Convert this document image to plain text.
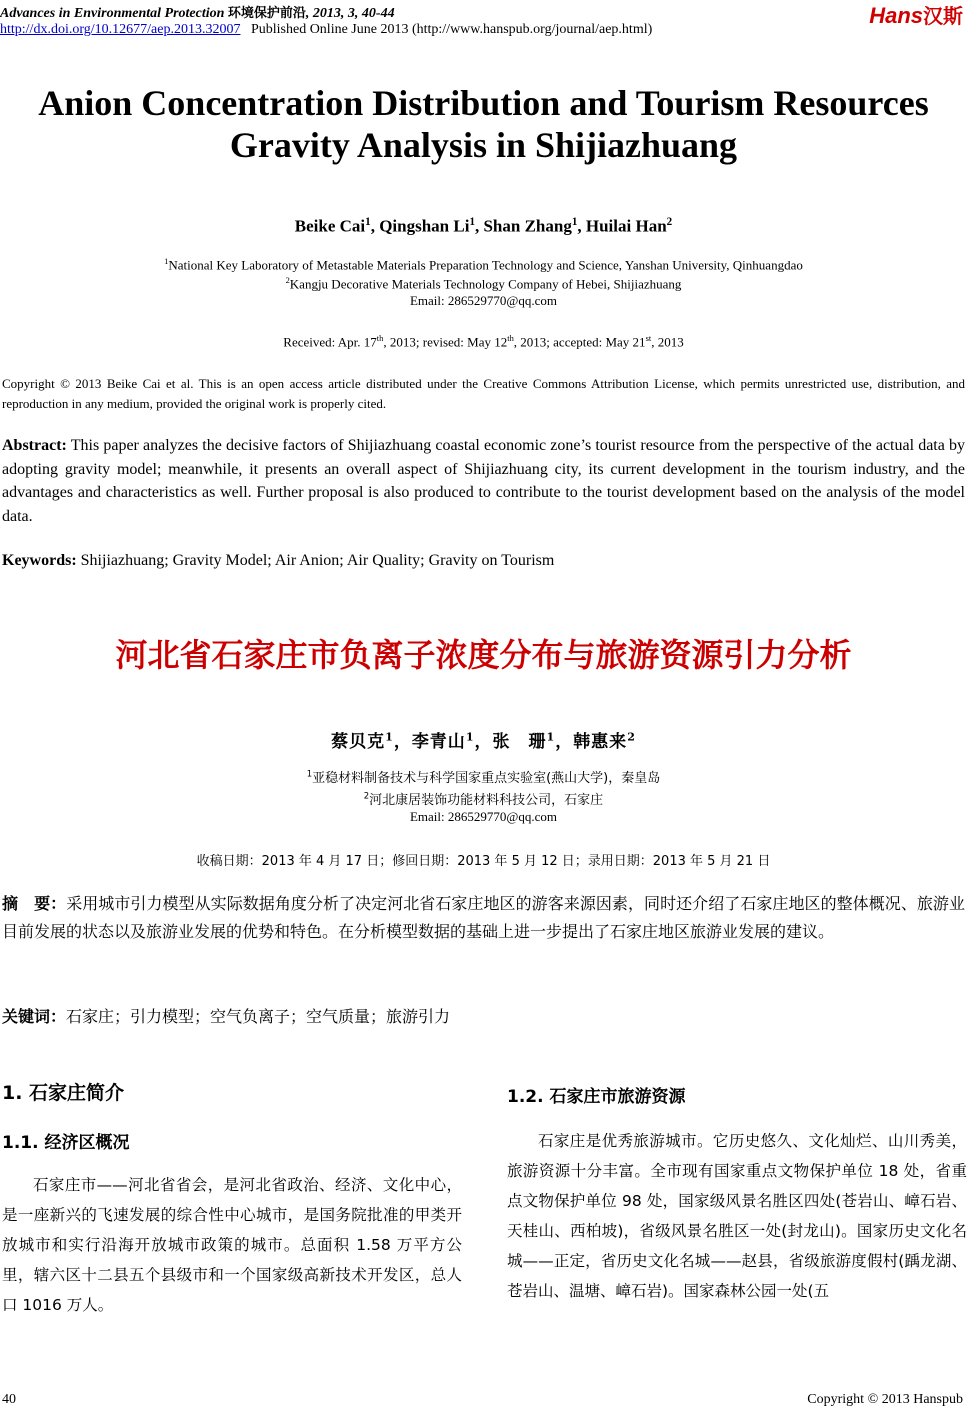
Advances in Environmental Protection 环境保护前沿, 2013, 3, 40-44
http://dx.doi.org/10.12677/aep.2013.32007 Published Online June 2013 (http://www.hanspub.org/journal/aep.html)
Hans汉斯
Anion Concentration Distribution and Tourism Resources Gravity Analysis in Shijiazhuang
Beike Cai$^1$, Qingshan Li$^1$, Shan Zhang$^1$, Huilai Han$^2$
$^1$National Key Laboratory of Metastable Materials Preparation Technology and Science, Yanshan University, Qinhuangdao
$^2$Kangju Decorative Materials Technology Company of Hebei, Shijiazhuang
Email: 286529770@qq.com
Received: Apr. 17th, 2013; revised: May 12th, 2013; accepted: May 21st, 2013
Copyright © 2013 Beike Cai et al. This is an open access article distributed under the Creative Commons Attribution License, which permits unrestricted use, distribution, and reproduction in any medium, provided the original work is properly cited.
Abstract: This paper analyzes the decisive factors of Shijiazhuang coastal economic zone’s tourist resource from the perspective of the actual data by adopting gravity model; meanwhile, it presents an overall aspect of Shijiazhuang city, its current development in the tourism industry, and the advantages and characteristics as well. Further proposal is also produced to contribute to the tourist development based on the analysis of the model data.
Keywords: Shijiazhuang; Gravity Model; Air Anion; Air Quality; Gravity on Tourism
河北省石家庄市负离子浓度分布与旅游资源引力分析
蔡贝克$^1$，李青山$^1$，张　珊$^1$，韩惠来$^2$
$^1$亚稳材料制备技术与科学国家重点实验室(燕山大学)，秦皇岛
$^2$河北康居装饰功能材料科技公司，石家庄
Email: 286529770@qq.com
收稿日期：2013 年 4 月 17 日；修回日期：2013 年 5 月 12 日；录用日期：2013 年 5 月 21 日
摘　要：采用城市引力模型从实际数据角度分析了决定河北省石家庄地区的游客来源因素，同时还介绍了石家庄地区的整体概况、旅游业目前发展的状态以及旅游业发展的优势和特色。在分析模型数据的基础上进一步提出了石家庄地区旅游业发展的建议。
关键词：石家庄；引力模型；空气负离子；空气质量；旅游引力
1. 石家庄简介
1.1. 经济区概况
石家庄市——河北省省会，是河北省政治、经济、文化中心，是一座新兴的飞速发展的综合性中心城市，是国务院批准的甲类开放城市和实行沿海开放城市政策的城市。总面积 1.58 万平方公里，辖六区十二县五个县级市和一个国家级高新技术开发区，总人口 1016 万人。
1.2. 石家庄市旅游资源
石家庄是优秀旅游城市。它历史悠久、文化灿烂、山川秀美，旅游资源十分丰富。全市现有国家重点文物保护单位 18 处，省重点文物保护单位 98 处，国家级风景名胜区四处(苍岩山、嶂石岩、天桂山、西柏坡)，省级风景名胜区一处(封龙山)。国家历史文化名城——正定，省历史文化名城——赵县，省级旅游度假村(踽龙湖、苍岩山、温塘、嶂石岩)。国家森林公园一处(五
40	Copyright © 2013 Hanspub
